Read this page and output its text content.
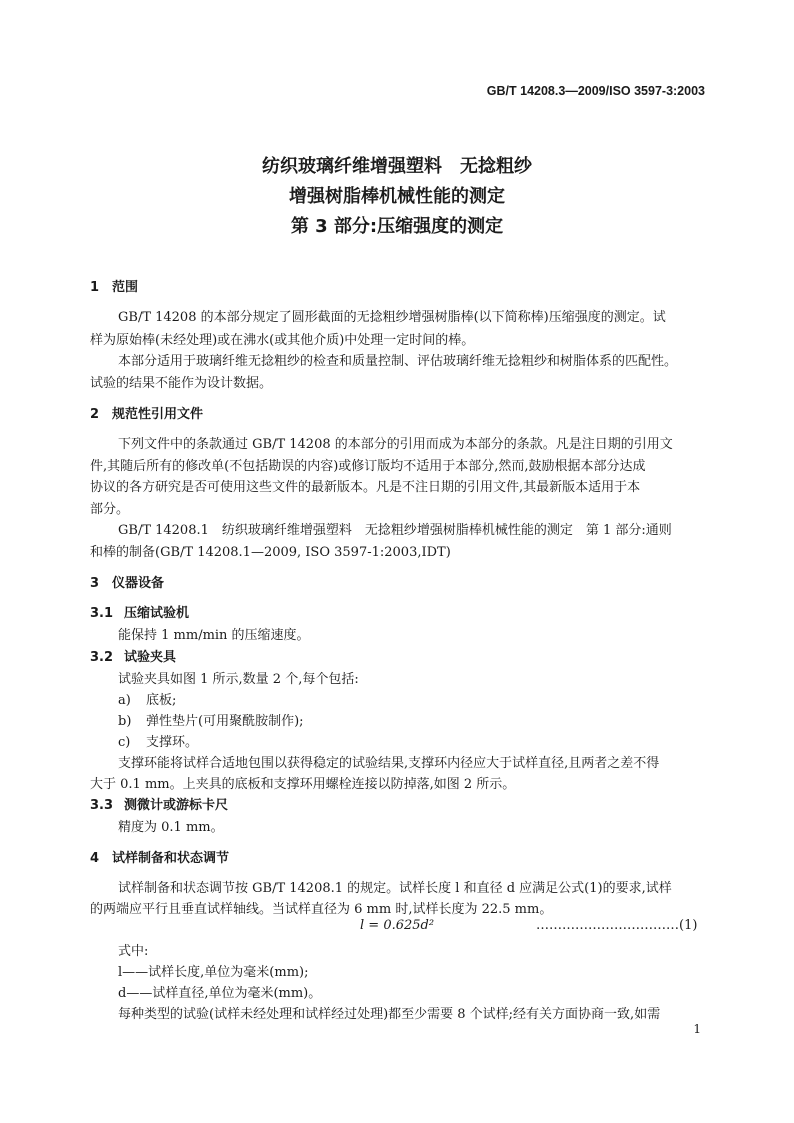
GB/T 14208.3—2009/ISO 3597-3:2003
纺织玻璃纤维增强塑料　无捻粗纱
增强树脂棒机械性能的测定
第 3 部分:压缩强度的测定
1 范围
GB/T 14208 的本部分规定了圆形截面的无捻粗纱增强树脂棒(以下简称棒)压缩强度的测定。试
样为原始棒(未经处理)或在沸水(或其他介质)中处理一定时间的棒。
本部分适用于玻璃纤维无捻粗纱的检查和质量控制、评估玻璃纤维无捻粗纱和树脂体系的匹配性。
试验的结果不能作为设计数据。
2 规范性引用文件
下列文件中的条款通过 GB/T 14208 的本部分的引用而成为本部分的条款。凡是注日期的引用文
件,其随后所有的修改单(不包括勘误的内容)或修订版均不适用于本部分,然而,鼓励根据本部分达成
协议的各方研究是否可使用这些文件的最新版本。凡是不注日期的引用文件,其最新版本适用于本
部分。
GB/T 14208.1　纺织玻璃纤维增强塑料　无捻粗纱增强树脂棒机械性能的测定　第 1 部分:通则
和棒的制备(GB/T 14208.1—2009, ISO 3597-1:2003,IDT)
3 仪器设备
3.1 压缩试验机
能保持 1 mm/min 的压缩速度。
3.2 试验夹具
试验夹具如图 1 所示,数量 2 个,每个包括:
a) 底板;
b) 弹性垫片(可用聚酰胺制作);
c) 支撑环。
支撑环能将试样合适地包围以获得稳定的试验结果,支撑环内径应大于试样直径,且两者之差不得
大于 0.1 mm。上夹具的底板和支撑环用螺栓连接以防掉落,如图 2 所示。
3.3 测微计或游标卡尺
精度为 0.1 mm。
4 试样制备和状态调节
试样制备和状态调节按 GB/T 14208.1 的规定。试样长度 l 和直径 d 应满足公式(1)的要求,试样
的两端应平行且垂直试样轴线。当试样直径为 6 mm 时,试样长度为 22.5 mm。
l = 0.625d²	……………………………(1)
式中:
l——试样长度,单位为毫米(mm);
d——试样直径,单位为毫米(mm)。
每种类型的试验(试样未经处理和试样经过处理)都至少需要 8 个试样;经有关方面协商一致,如需
1
